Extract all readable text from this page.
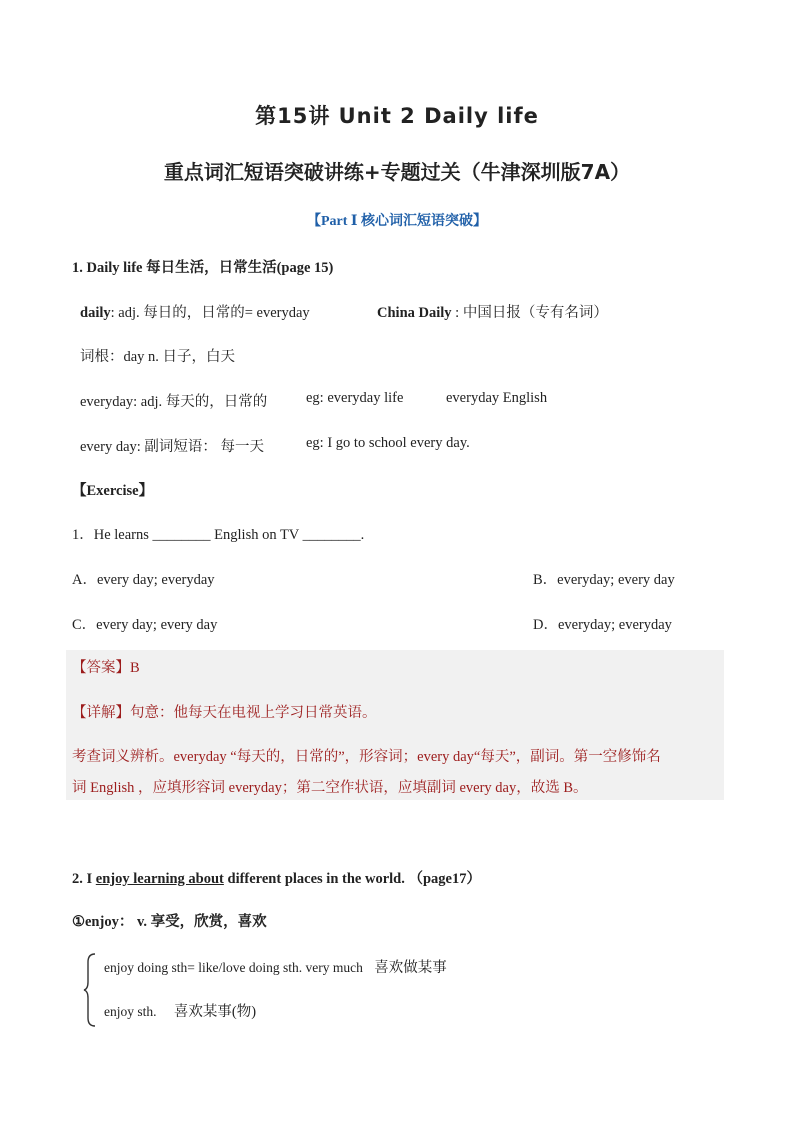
第15讲 Unit 2 Daily life
重点词汇短语突破讲练+专题过关（牛津深圳版7A）
【Part Ⅰ 核心词汇短语突破】
1. Daily life 每日生活，日常生活(page 15)
daily: adj. 每日的，日常的= everyday	China Daily : 中国日报（专有名词）
词根：day n. 日子，白天
everyday: adj. 每天的，日常的	eg: everyday life	everyday English
every day: 副词短语： 每一天	eg: I go to school every day.
【Exercise】
1．He learns ________ English on TV ________.
A．every day; everyday	B．everyday; every day
C．every day; every day	D．everyday; everyday
【答案】B
【详解】句意：他每天在电视上学习日常英语。
考查词义辨析。everyday “每天的，日常的”，形容词；every day“每天”，副词。第一空修饰名
词 English ，应填形容词 everyday；第二空作状语，应填副词 every day，故选 B。
2. I enjoy learning about different places in the world. （page17）
①enjoy： v. 享受，欣赏，喜欢
enjoy doing sth= like/love doing sth. very much 喜欢做某事
enjoy sth. 喜欢某事(物)
